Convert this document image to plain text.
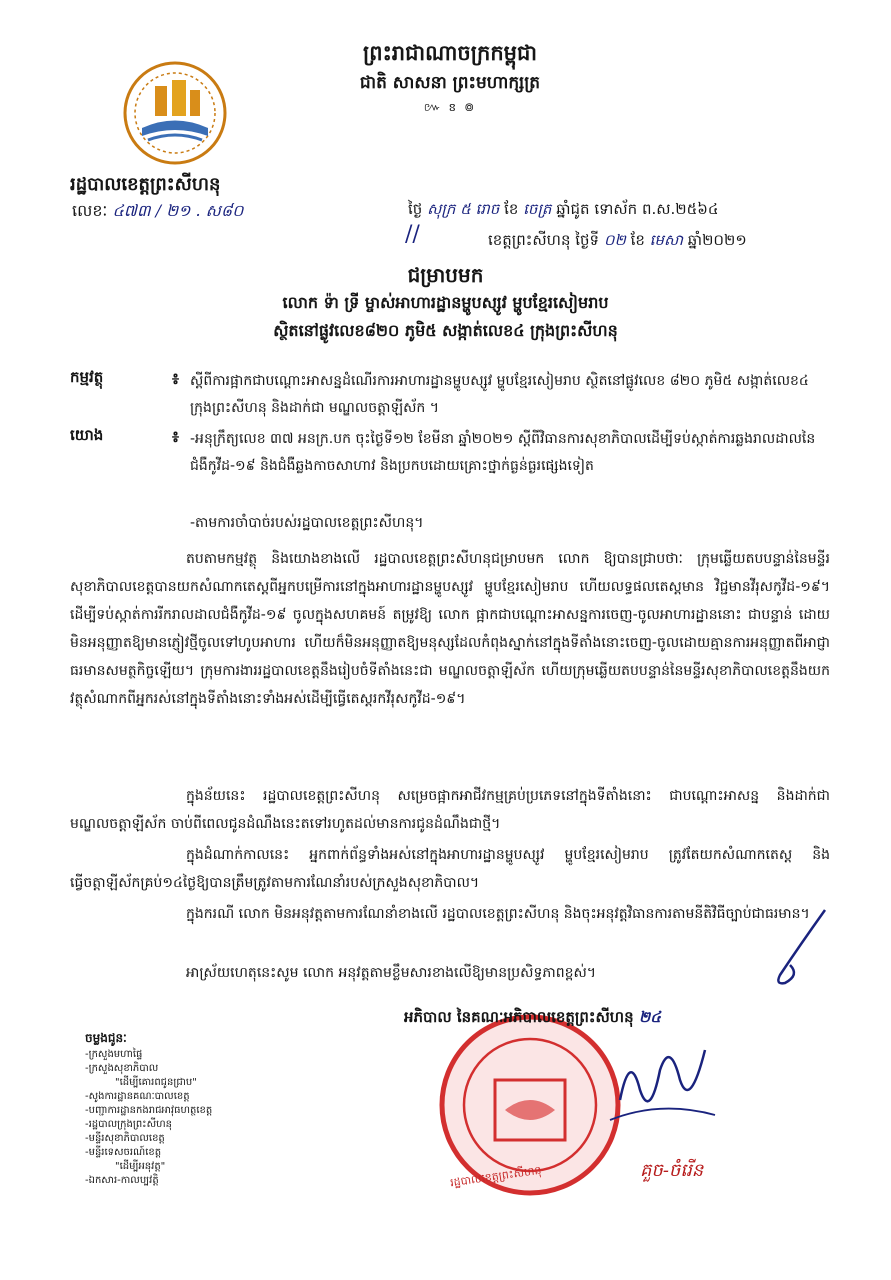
ព្រះរាជាណាចក្រកម្ពុជា
ជាតិ សាសនា ព្រះមហាក្សត្រ
៚ ៜ ៙
រដ្ឋបាលខេត្តព្រះសីហនុ
លេខៈ ៤៧៣ / ២១ . ស៨០	ថ្ងៃ សុក្រ ៥ រោច ខែ ចេត្រ ឆ្នាំជូត ទោស័ក ព.ស.២៥៦៤
//	ខេត្តព្រះសីហនុ ថ្ងៃទី ០២ ខែ មេសា ឆ្នាំ២០២១
ជម្រាបមក
លោក ទ៉ា ទ្រី ម្ចាស់អាហារដ្ឋានម្ហូបស្សូវ ម្ហូបខ្មែរសៀមរាប
ស្ថិតនៅផ្លូវលេខ៨២០ ភូមិ៥ សង្កាត់លេខ៤ ក្រុងព្រះសីហនុ
កម្មវត្ថុ	៖ ស្តីពីការផ្អាកជាបណ្តោះអាសន្នដំណើរការអាហារដ្ឋានម្ហូបស្សូវ ម្ហូបខ្មែរសៀមរាប ស្ថិតនៅផ្លូវលេខ ៨២០ ភូមិ៥ សង្កាត់លេខ៤ ក្រុងព្រះសីហនុ និងដាក់ជា មណ្ឌលចត្តាឡីស័ក ។
យោង	៖ -អនុក្រឹត្យលេខ ៣៧ អនក្រ.បក ចុះថ្ងៃទី១២ ខែមីនា ឆ្នាំ២០២១ ស្តីពីវិធានការសុខាភិបាលដើម្បីទប់ស្កាត់ការឆ្លងរាលដាលនៃជំងឺកូវីដ-១៩ និងជំងឺឆ្លងកាចសាហាវ និងប្រកបដោយគ្រោះថ្នាក់ធ្ងន់ធ្ងរផ្សេងទៀត
-តាមការចាំបាច់របស់រដ្ឋបាលខេត្តព្រះសីហនុ។
តបតាមកម្មវត្ថុ និងយោងខាងលើ រដ្ឋបាលខេត្តព្រះសីហនុជម្រាបមក លោក ឱ្យបានជ្រាបថាៈ ក្រុមឆ្លើយតបបន្ទាន់នៃមន្ទីរសុខាភិបាលខេត្តបានយកសំណាកតេស្តពីអ្នកបម្រើការនៅក្នុងអាហារដ្ឋានម្ហូបស្សូវ ម្ហូបខ្មែរសៀមរាប ហើយលទ្ធផលតេស្តមាន វិជ្ជមានវីរុសកូវីដ-១៩។ ដើម្បីទប់ស្កាត់ការរីករាលដាលជំងឺកូវីដ-១៩ ចូលក្នុងសហគមន៍ តម្រូវឱ្យ លោក ផ្អាកជាបណ្តោះអាសន្នការចេញ-ចូលអាហារដ្ឋាននោះ ជាបន្ទាន់ ដោយមិនអនុញ្ញាតឱ្យមានភ្ញៀវថ្មីចូលទៅហូបអាហារ ហើយក៏មិនអនុញ្ញាតឱ្យមនុស្សដែលកំពុងស្នាក់នៅក្នុងទីតាំងនោះចេញ-ចូលដោយគ្មានការអនុញ្ញាតពីអាជ្ញាធរមានសមត្ថកិច្ចឡើយ។ ក្រុមការងាររដ្ឋបាលខេត្តនឹងរៀបចំទីតាំងនេះជា មណ្ឌលចត្តាឡីស័ក ហើយក្រុមឆ្លើយតបបន្ទាន់នៃមន្ទីរសុខាភិបាលខេត្តនឹងយកវត្ថុសំណាកពីអ្នករស់នៅក្នុងទីតាំងនោះទាំងអស់ដើម្បីធ្វើតេស្តរកវីរុសកូវីដ-១៩។
ក្នុងន័យនេះ រដ្ឋបាលខេត្តព្រះសីហនុ សម្រេចផ្អាកអាជីវកម្មគ្រប់ប្រភេទនៅក្នុងទីតាំងនោះ ជាបណ្តោះអាសន្ន និងដាក់ជា មណ្ឌលចត្តាឡីស័ក ចាប់ពីពេលជូនដំណឹងនេះតទៅរហូតដល់មានការជូនដំណឹងជាថ្មី។
ក្នុងដំណាក់កាលនេះ អ្នកពាក់ព័ន្ធទាំងអស់នៅក្នុងអាហារដ្ឋានម្ហូបស្សូវ ម្ហូបខ្មែរសៀមរាប ត្រូវតែយកសំណាកតេស្ត និងធ្វើចត្តាឡីស័កគ្រប់១៤ថ្ងៃឱ្យបានត្រឹមត្រូវតាមការណែនាំរបស់ក្រសួងសុខាភិបាល។
ក្នុងករណី លោក មិនអនុវត្តតាមការណែនាំខាងលើ រដ្ឋបាលខេត្តព្រះសីហនុ និងចុះអនុវត្តវិធានការតាមនីតិវិធីច្បាប់ជាធរមាន។
អាស្រ័យហេតុនេះសូម លោក អនុវត្តតាមខ្លឹមសារខាងលើឱ្យមានប្រសិទ្ធភាពខ្ពស់។
រដ្ឋបាលខេត្តព្រះសីហនុ
អភិបាល នៃគណៈអភិបាលខេត្តព្រះសីហនុ ២៤
គួច-ចំរើន
ចម្លងជូនៈ
-ក្រសួងមហាផ្ទៃ
-ក្រសួងសុខាភិបាល
"ដើម្បីគោរពជូនជ្រាប"
-សូងការដ្ឋានគណៈបាលខេត្ត
-បញ្ជាការដ្ឋានកងរាជអាវុធហត្ថខេត្ត
-រដ្ឋបាលក្រុងព្រះសីហនុ
-មន្ទីរសុខាភិបាលខេត្ត
-មន្ទីរទេសចរណ៍ខេត្ត
"ដើម្បីអនុវត្ត"
-ឯកសារ-កាលប្បវត្តិ
